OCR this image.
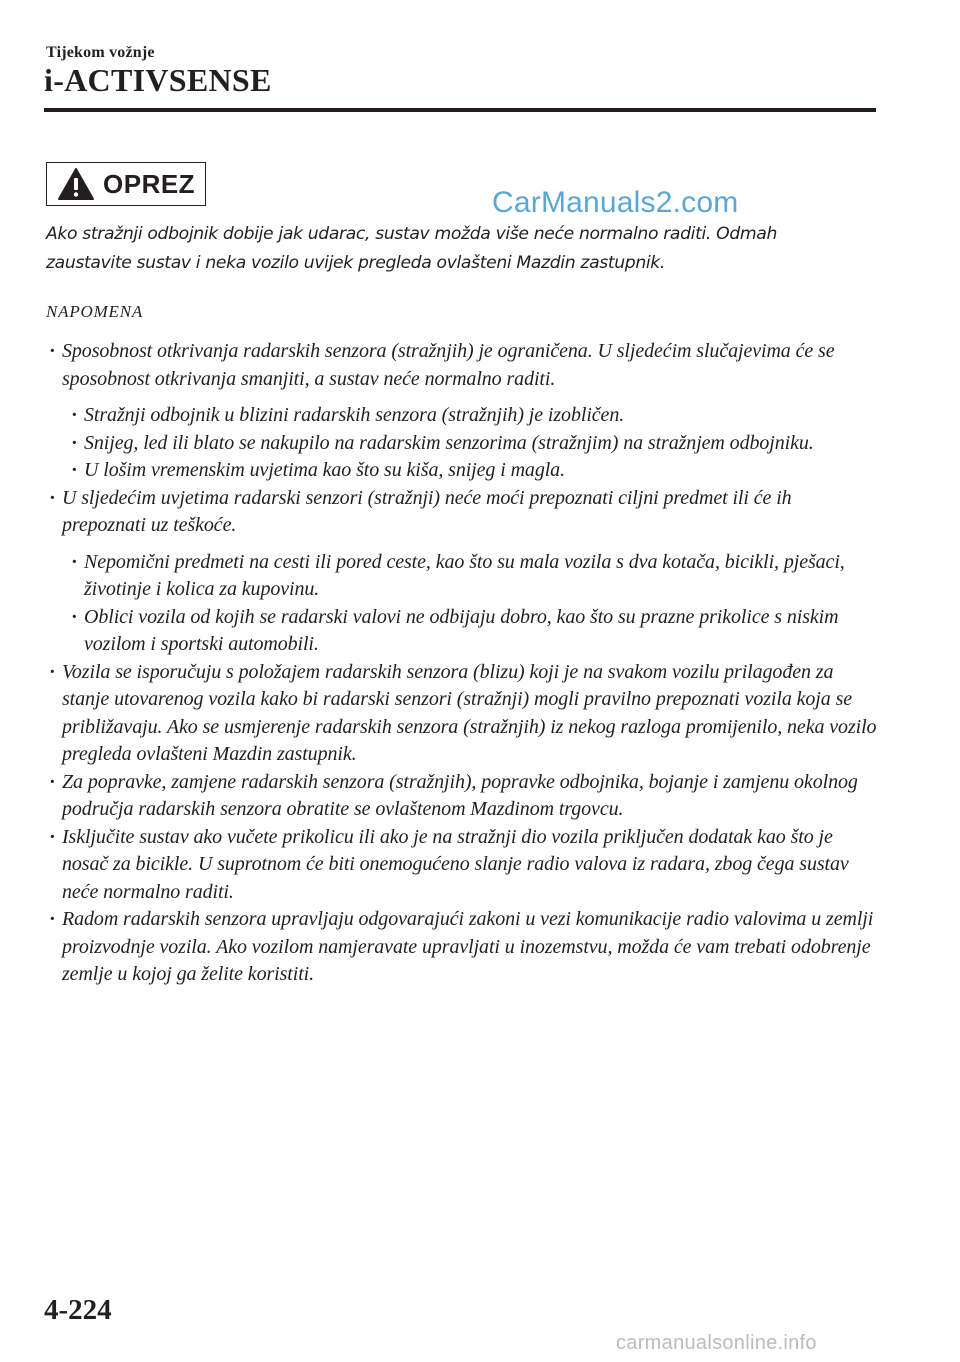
Tijekom vožnje
i-ACTIVSENSE
OPREZ
CarManuals2.com
Ako stražnji odbojnik dobije jak udarac, sustav možda više neće normalno raditi. Odmah zaustavite sustav i neka vozilo uvijek pregleda ovlašteni Mazdin zastupnik.
NAPOMENA

· Sposobnost otkrivanja radarskih senzora (stražnjih) je ograničena. U sljedećim slučajevima će se sposobnost otkrivanja smanjiti, a sustav neće normalno raditi.

· Stražnji odbojnik u blizini radarskih senzora (stražnjih) je izobličen.

· Snijeg, led ili blato se nakupilo na radarskim senzorima (stražnjim) na stražnjem odbojniku.

· U lošim vremenskim uvjetima kao što su kiša, snijeg i magla.

· U sljedećim uvjetima radarski senzori (stražnji) neće moći prepoznati ciljni predmet ili će ih prepoznati uz teškoće.

· Nepomični predmeti na cesti ili pored ceste, kao što su mala vozila s dva kotača, bicikli, pješaci, životinje i kolica za kupovinu.

· Oblici vozila od kojih se radarski valovi ne odbijaju dobro, kao što su prazne prikolice s niskim vozilom i sportski automobili.

· Vozila se isporučuju s položajem radarskih senzora (blizu) koji je na svakom vozilu prilagođen za stanje utovarenog vozila kako bi radarski senzori (stražnji) mogli pravilno prepoznati vozila koja se približavaju. Ako se usmjerenje radarskih senzora (stražnjih) iz nekog razloga promijenilo, neka vozilo pregleda ovlašteni Mazdin zastupnik.

· Za popravke, zamjene radarskih senzora (stražnjih), popravke odbojnika, bojanje i zamjenu okolnog područja radarskih senzora obratite se ovlaštenom Mazdinom trgovcu.

· Isključite sustav ako vučete prikolicu ili ako je na stražnji dio vozila priključen dodatak kao što je nosač za bicikle. U suprotnom će biti onemogućeno slanje radio valova iz radara, zbog čega sustav neće normalno raditi.

· Radom radarskih senzora upravljaju odgovarajući zakoni u vezi komunikacije radio valovima u zemlji proizvodnje vozila. Ako vozilom namjeravate upravljati u inozemstvu, možda će vam trebati odobrenje zemlje u kojoj ga želite koristiti.

4-224
carmanualsonline.info
